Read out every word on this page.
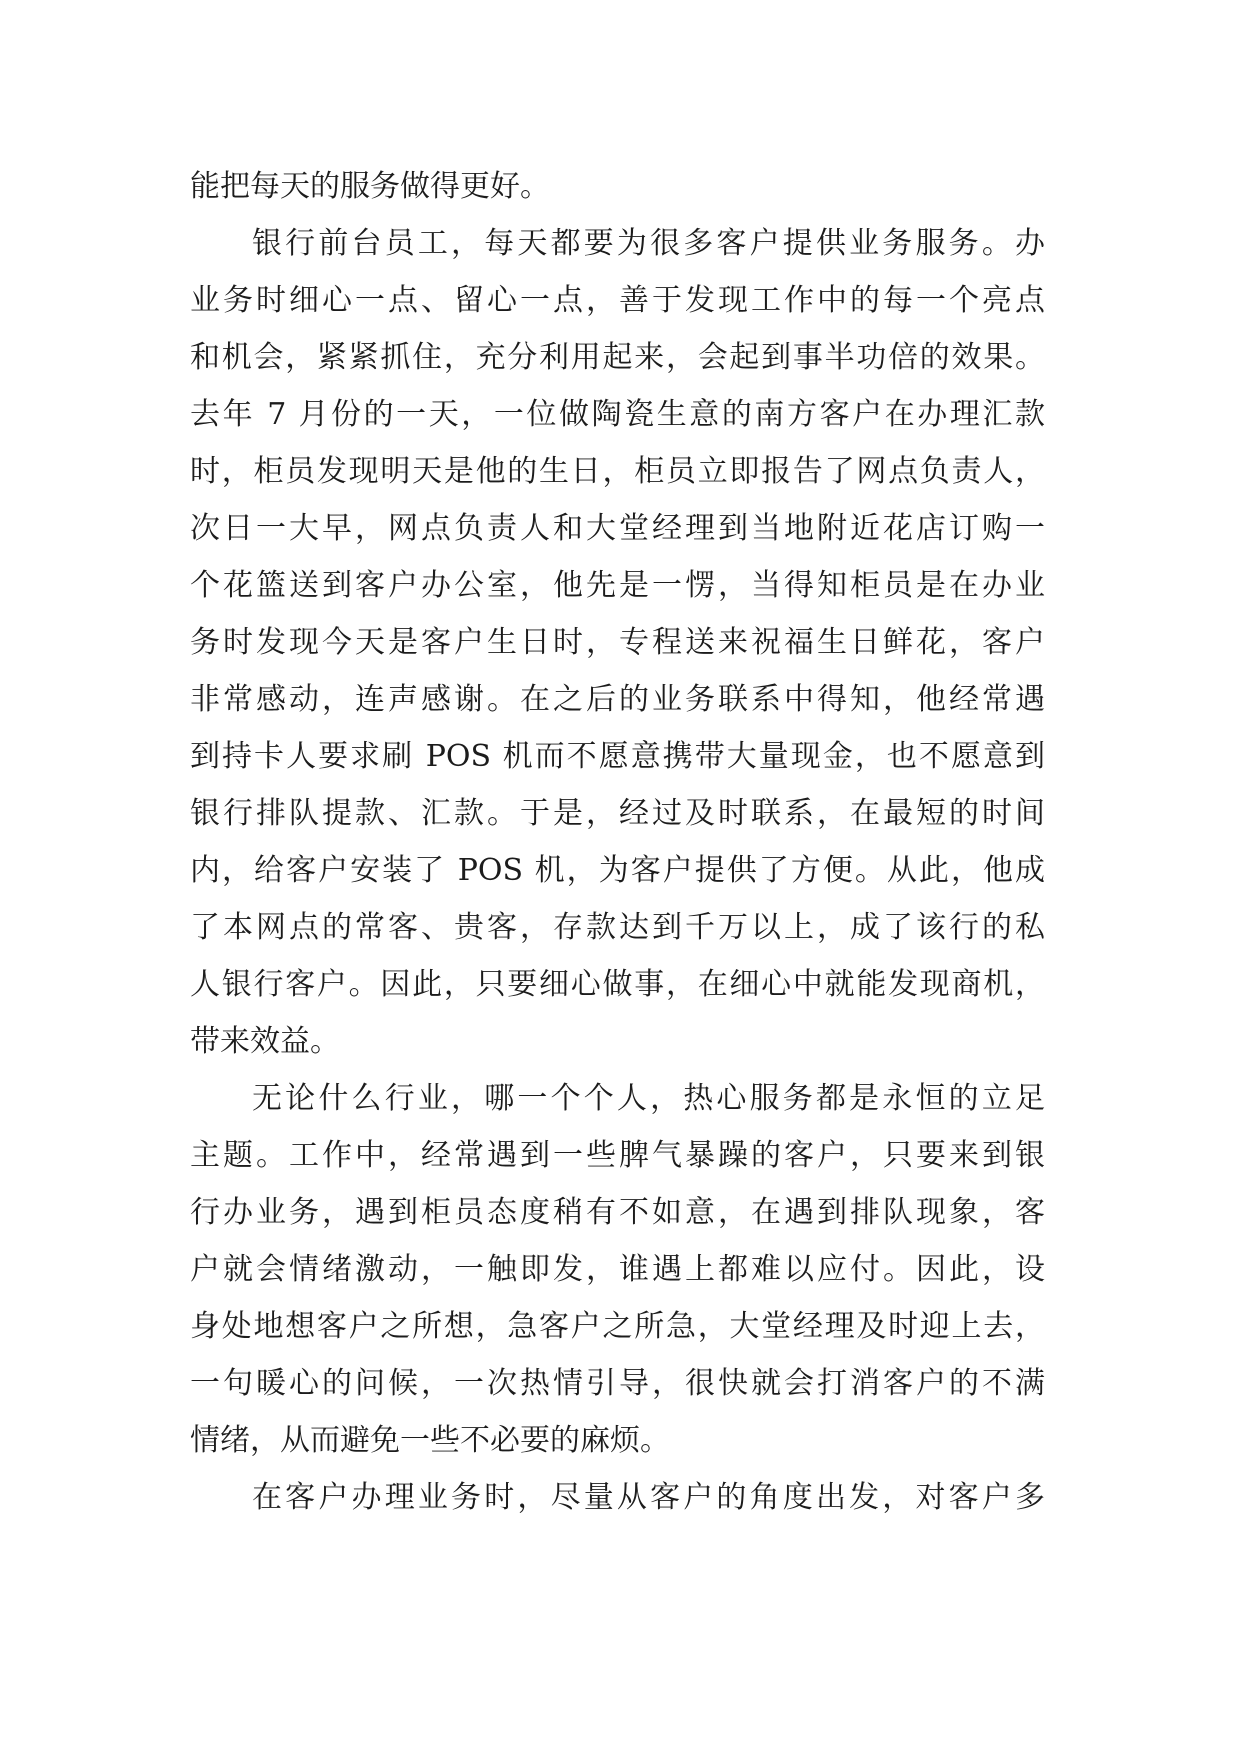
能把每天的服务做得更好。

银行前台员工，每天都要为很多客户提供业务服务。办

业务时细心一点、留心一点，善于发现工作中的每一个亮点

和机会，紧紧抓住，充分利用起来，会起到事半功倍的效果。

去年 7 月份的一天，一位做陶瓷生意的南方客户在办理汇款

时，柜员发现明天是他的生日，柜员立即报告了网点负责人，

次日一大早，网点负责人和大堂经理到当地附近花店订购一

个花篮送到客户办公室，他先是一愣，当得知柜员是在办业

务时发现今天是客户生日时，专程送来祝福生日鲜花，客户

非常感动，连声感谢。在之后的业务联系中得知，他经常遇

到持卡人要求刷 POS 机而不愿意携带大量现金，也不愿意到

银行排队提款、汇款。于是，经过及时联系，在最短的时间

内，给客户安装了 POS 机，为客户提供了方便。从此，他成

了本网点的常客、贵客，存款达到千万以上，成了该行的私

人银行客户。因此，只要细心做事，在细心中就能发现商机，

带来效益。

无论什么行业，哪一个个人，热心服务都是永恒的立足

主题。工作中，经常遇到一些脾气暴躁的客户，只要来到银

行办业务，遇到柜员态度稍有不如意，在遇到排队现象，客

户就会情绪激动，一触即发，谁遇上都难以应付。因此，设

身处地想客户之所想，急客户之所急，大堂经理及时迎上去，

一句暖心的问候，一次热情引导，很快就会打消客户的不满

情绪，从而避免一些不必要的麻烦。

在客户办理业务时，尽量从客户的角度出发，对客户多
